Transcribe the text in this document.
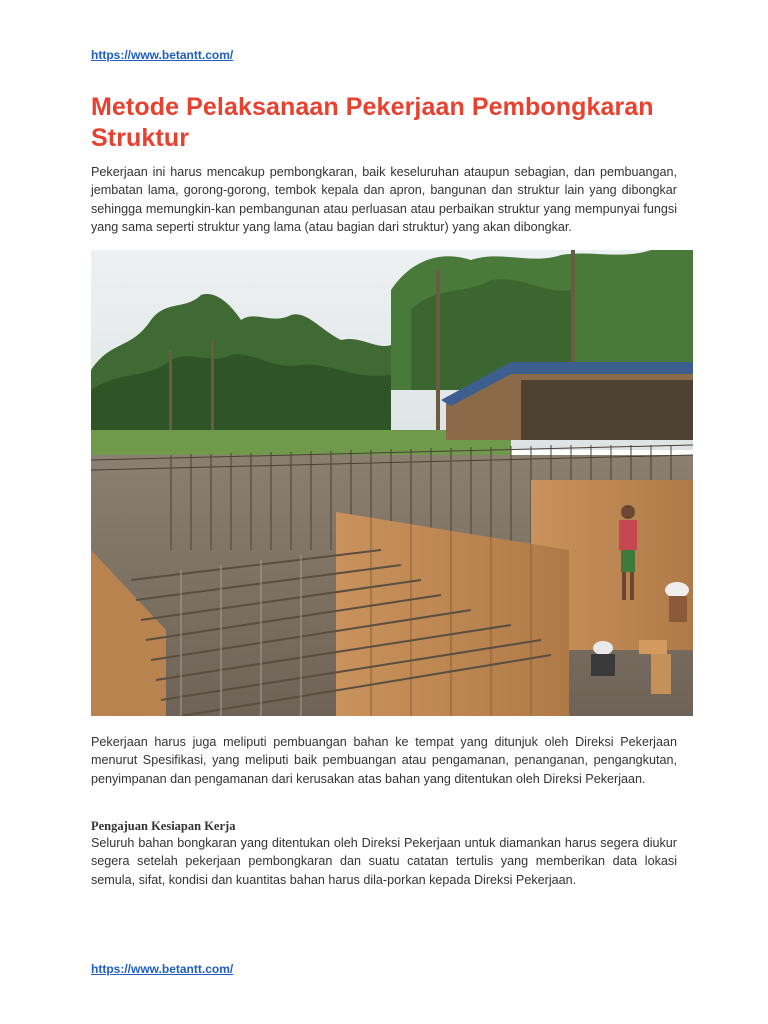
https://www.betantt.com/
Metode Pelaksanaan Pekerjaan Pembongkaran Struktur

Pekerjaan ini harus mencakup pembongkaran, baik keseluruhan ataupun sebagian, dan pembuangan, jembatan lama, gorong-gorong, tembok kepala dan apron, bangunan dan struktur lain yang dibongkar sehingga memungkin-kan pembangunan atau perluasan atau perbaikan struktur yang mempunyai fungsi yang sama seperti struktur yang lama (atau bagian dari struktur) yang akan dibongkar.

Pekerjaan harus juga meliputi pembuangan bahan ke tempat yang ditunjuk oleh Direksi Pekerjaan menurut Spesifikasi, yang meliputi baik pembuangan atau pengamanan, penanganan, pengangkutan, penyimpanan dan pengamanan dari kerusakan atas bahan yang ditentukan oleh Direksi Pekerjaan.

Pengajuan Kesiapan Kerja

Seluruh bahan bongkaran yang ditentukan oleh Direksi Pekerjaan untuk diamankan harus segera diukur segera setelah pekerjaan pembongkaran dan suatu catatan tertulis yang memberikan data lokasi semula, sifat, kondisi dan kuantitas bahan harus dila-porkan kepada Direksi Pekerjaan.

https://www.betantt.com/
